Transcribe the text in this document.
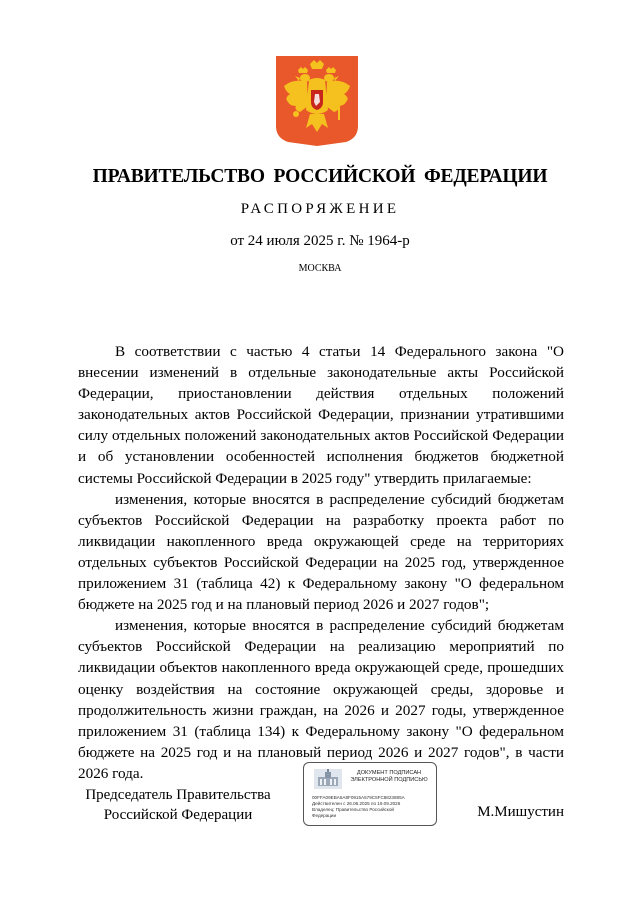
ПРАВИТЕЛЬСТВО РОССИЙСКОЙ ФЕДЕРАЦИИ
РАСПОРЯЖЕНИЕ
от 24 июля 2025 г. № 1964-р
МОСКВА

В соответствии с частью 4 статьи 14 Федерального закона "О внесении изменений в отдельные законодательные акты Российской Федерации, приостановлении действия отдельных положений законодательных актов Российской Федерации, признании утратившими силу отдельных положений законодательных актов Российской Федерации и об установлении особенностей исполнения бюджетов бюджетной системы Российской Федерации в 2025 году" утвердить прилагаемые:

изменения, которые вносятся в распределение субсидий бюджетам субъектов Российской Федерации на разработку проекта работ по ликвидации накопленного вреда окружающей среде на территориях отдельных субъектов Российской Федерации на 2025 год, утвержденное приложением 31 (таблица 42) к Федеральному закону "О федеральном бюджете на 2025 год и на плановый период 2026 и 2027 годов";

изменения, которые вносятся в распределение субсидий бюджетам субъектов Российской Федерации на реализацию мероприятий по ликвидации объектов накопленного вреда окружающей среде, прошедших оценку воздействия на состояние окружающей среды, здоровье и продолжительность жизни граждан, на 2026 и 2027 годы, утвержденное приложением 31 (таблица 134) к Федеральному закону "О федеральном бюджете на 2025 год и на плановый период 2026 и 2027 годов", в части 2026 года.

Председатель Правительства
Российской Федерации
ДОКУМЕНТ ПОДПИСАН
ЭЛЕКТРОННОЙ ПОДПИСЬЮ
00FFA09EBA5A8F0915A579C5FC8823885A
Действителен с 26.06.2025 по 19.09.2026
Владелец: Правительство Российской
Федерации	М.Мишустин
